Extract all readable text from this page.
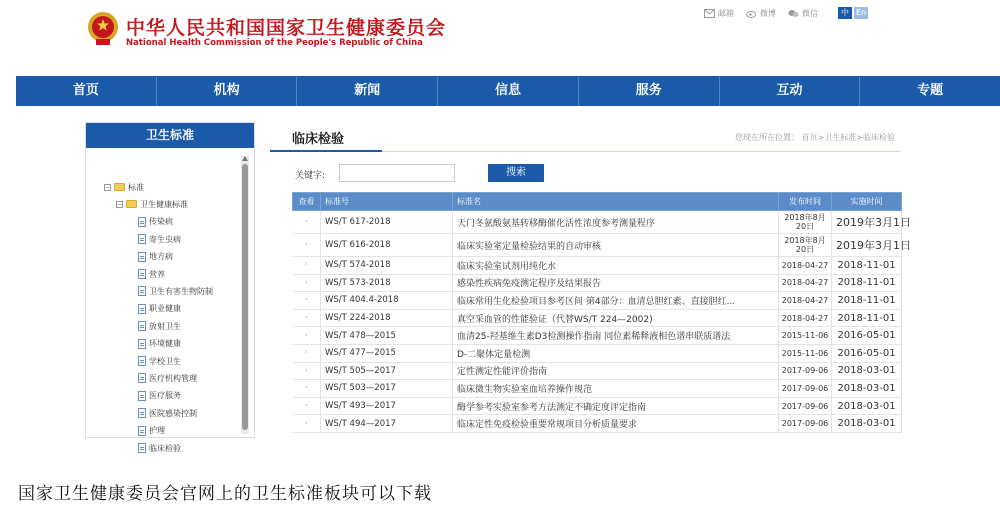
中华人民共和国国家卫生健康委员会
National Health Commission of the People's Republic of China
邮箱	微博	微信	中 En
首页	机构	新闻	信息	服务	互动	专题
卫生标准
− 标准
− 卫生健康标准
传染病
寄生虫病
地方病
营养
卫生有害生物防制
职业健康
放射卫生
环境健康
学校卫生
医疗机构管理
医疗服务
医院感染控制
护理
临床检验
临床检验	您现在所在位置： 首页>卫生标准>临床检验
关键字:	搜索
查看	标准号	标准名	发布时间	实施时间
·	WS/T 617-2018	天门冬氨酸氨基转移酶催化活性浓度参考测量程序	2018年8月20日	2019年3月1日
·	WS/T 616-2018	临床实验室定量检验结果的自动审核	2018年8月20日	2019年3月1日
·	WS/T 574-2018	临床实验室试剂用纯化水	2018-04-27	2018-11-01
·	WS/T 573-2018	感染性疾病免疫测定程序及结果报告	2018-04-27	2018-11-01
·	WS/T 404.4-2018	临床常用生化检验项目参考区间 第4部分：血清总胆红素、直接胆红...	2018-04-27	2018-11-01
·	WS/T 224-2018	真空采血管的性能验证（代替WS/T 224—2002)	2018-04-27	2018-11-01
·	WS/T 478—2015	血清25-羟基维生素D3检测操作指南 同位素稀释液相色谱串联质谱法	2015-11-06	2016-05-01
·	WS/T 477—2015	D-二聚体定量检测	2015-11-06	2016-05-01
·	WS/T 505—2017	定性测定性能评价指南	2017-09-06	2018-03-01
·	WS/T 503—2017	临床微生物实验室血培养操作规范	2017-09-06	2018-03-01
·	WS/T 493—2017	酶学参考实验室参考方法测定不确定度评定指南	2017-09-06	2018-03-01
·	WS/T 494—2017	临床定性免疫检验重要常规项目分析质量要求	2017-09-06	2018-03-01
国家卫生健康委员会官网上的卫生标准板块可以下载
